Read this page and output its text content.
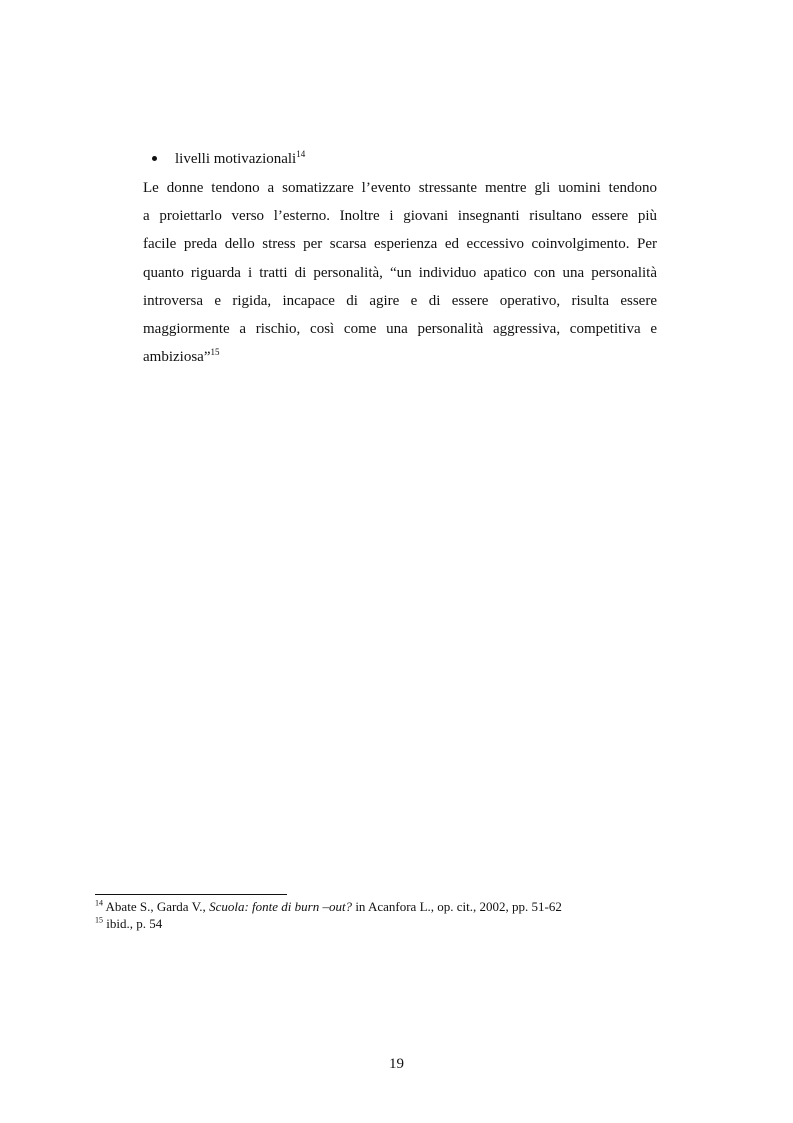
livelli motivazionali$^{14}$
Le donne tendono a somatizzare l’evento stressante mentre gli uomini tendono
a proiettarlo verso l’esterno. Inoltre i giovani insegnanti risultano essere più
facile preda dello stress per scarsa esperienza ed eccessivo coinvolgimento. Per
quanto riguarda i tratti di personalità, “un individuo apatico con una personalità
introversa e rigida, incapace di agire e di essere operativo, risulta essere
maggiormente a rischio, così come una personalità aggressiva, competitiva e
ambiziosa”$^{15}$
$^{14}$ Abate S., Garda V., Scuola: fonte di burn –out? in Acanfora L., op. cit., 2002, pp. 51-62
$^{15}$ ibid., p. 54
19
